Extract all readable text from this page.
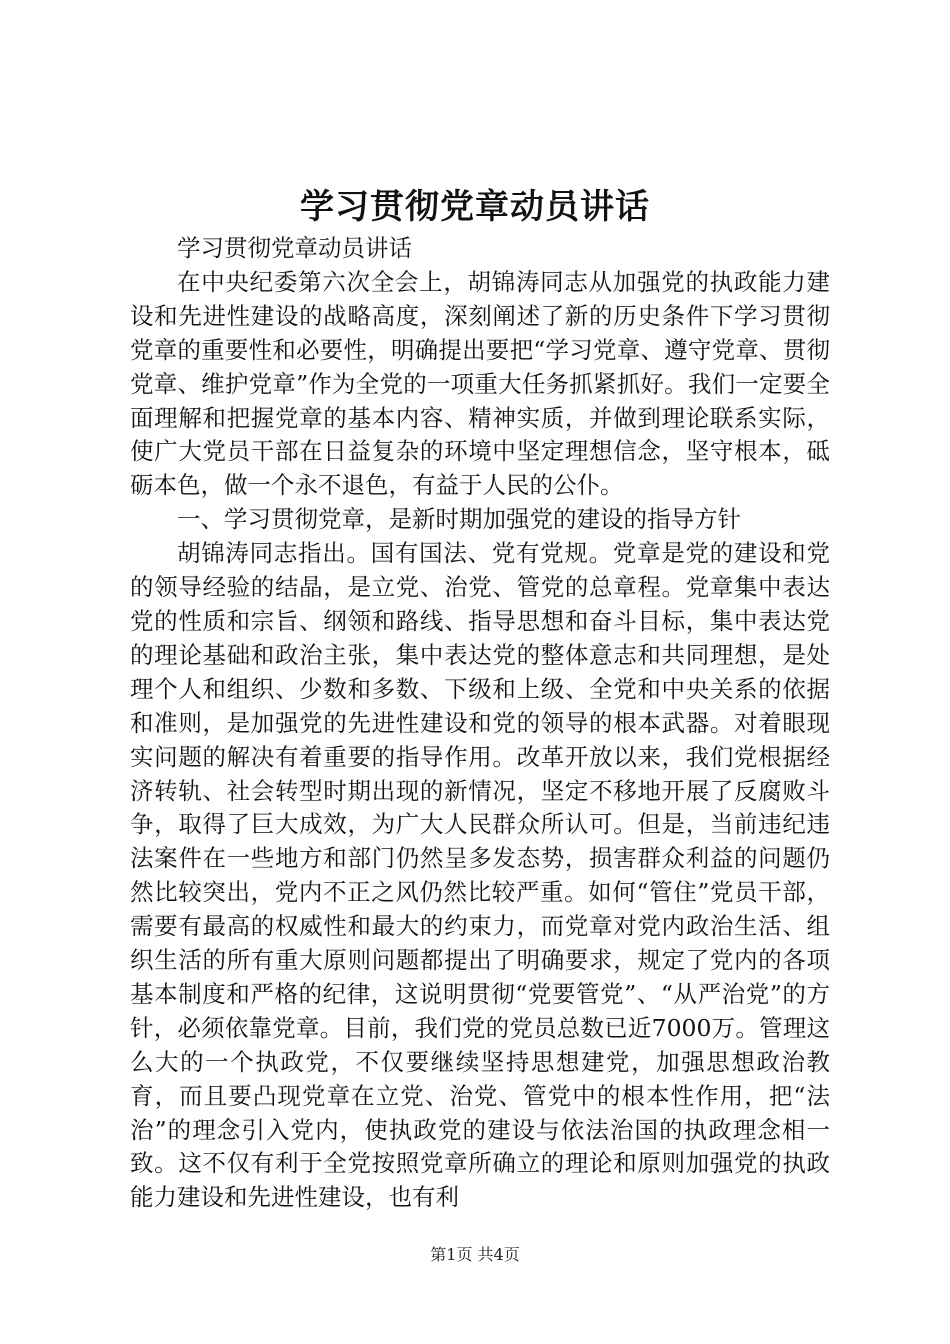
学习贯彻党章动员讲话

学习贯彻党章动员讲话

在中央纪委第六次全会上，胡锦涛同志从加强党的执政能力建设和先进性建设的战略高度，深刻阐述了新的历史条件下学习贯彻党章的重要性和必要性，明确提出要把“学习党章、遵守党章、贯彻党章、维护党章”作为全党的一项重大任务抓紧抓好。我们一定要全面理解和把握党章的基本内容、精神实质，并做到理论联系实际，使广大党员干部在日益复杂的环境中坚定理想信念，坚守根本，砥砺本色，做一个永不退色，有益于人民的公仆。

一、学习贯彻党章，是新时期加强党的建设的指导方针

胡锦涛同志指出。国有国法、党有党规。党章是党的建设和党的领导经验的结晶，是立党、治党、管党的总章程。党章集中表达党的性质和宗旨、纲领和路线、指导思想和奋斗目标，集中表达党的理论基础和政治主张，集中表达党的整体意志和共同理想，是处理个人和组织、少数和多数、下级和上级、全党和中央关系的依据和准则，是加强党的先进性建设和党的领导的根本武器。对着眼现实问题的解决有着重要的指导作用。改革开放以来，我们党根据经济转轨、社会转型时期出现的新情况，坚定不移地开展了反腐败斗争，取得了巨大成效，为广大人民群众所认可。但是，当前违纪违法案件在一些地方和部门仍然呈多发态势，损害群众利益的问题仍然比较突出，党内不正之风仍然比较严重。如何“管住”党员干部，需要有最高的权威性和最大的约束力，而党章对党内政治生活、组织生活的所有重大原则问题都提出了明确要求，规定了党内的各项基本制度和严格的纪律，这说明贯彻“党要管党”、“从严治党”的方针，必须依靠党章。目前，我们党的党员总数已近7000万。管理这么大的一个执政党，不仅要继续坚持思想建党，加强思想政治教育，而且要凸现党章在立党、治党、管党中的根本性作用，把“法治”的理念引入党内，使执政党的建设与依法治国的执政理念相一致。这不仅有利于全党按照党章所确立的理论和原则加强党的执政能力建设和先进性建设，也有利

第1页 共4页
